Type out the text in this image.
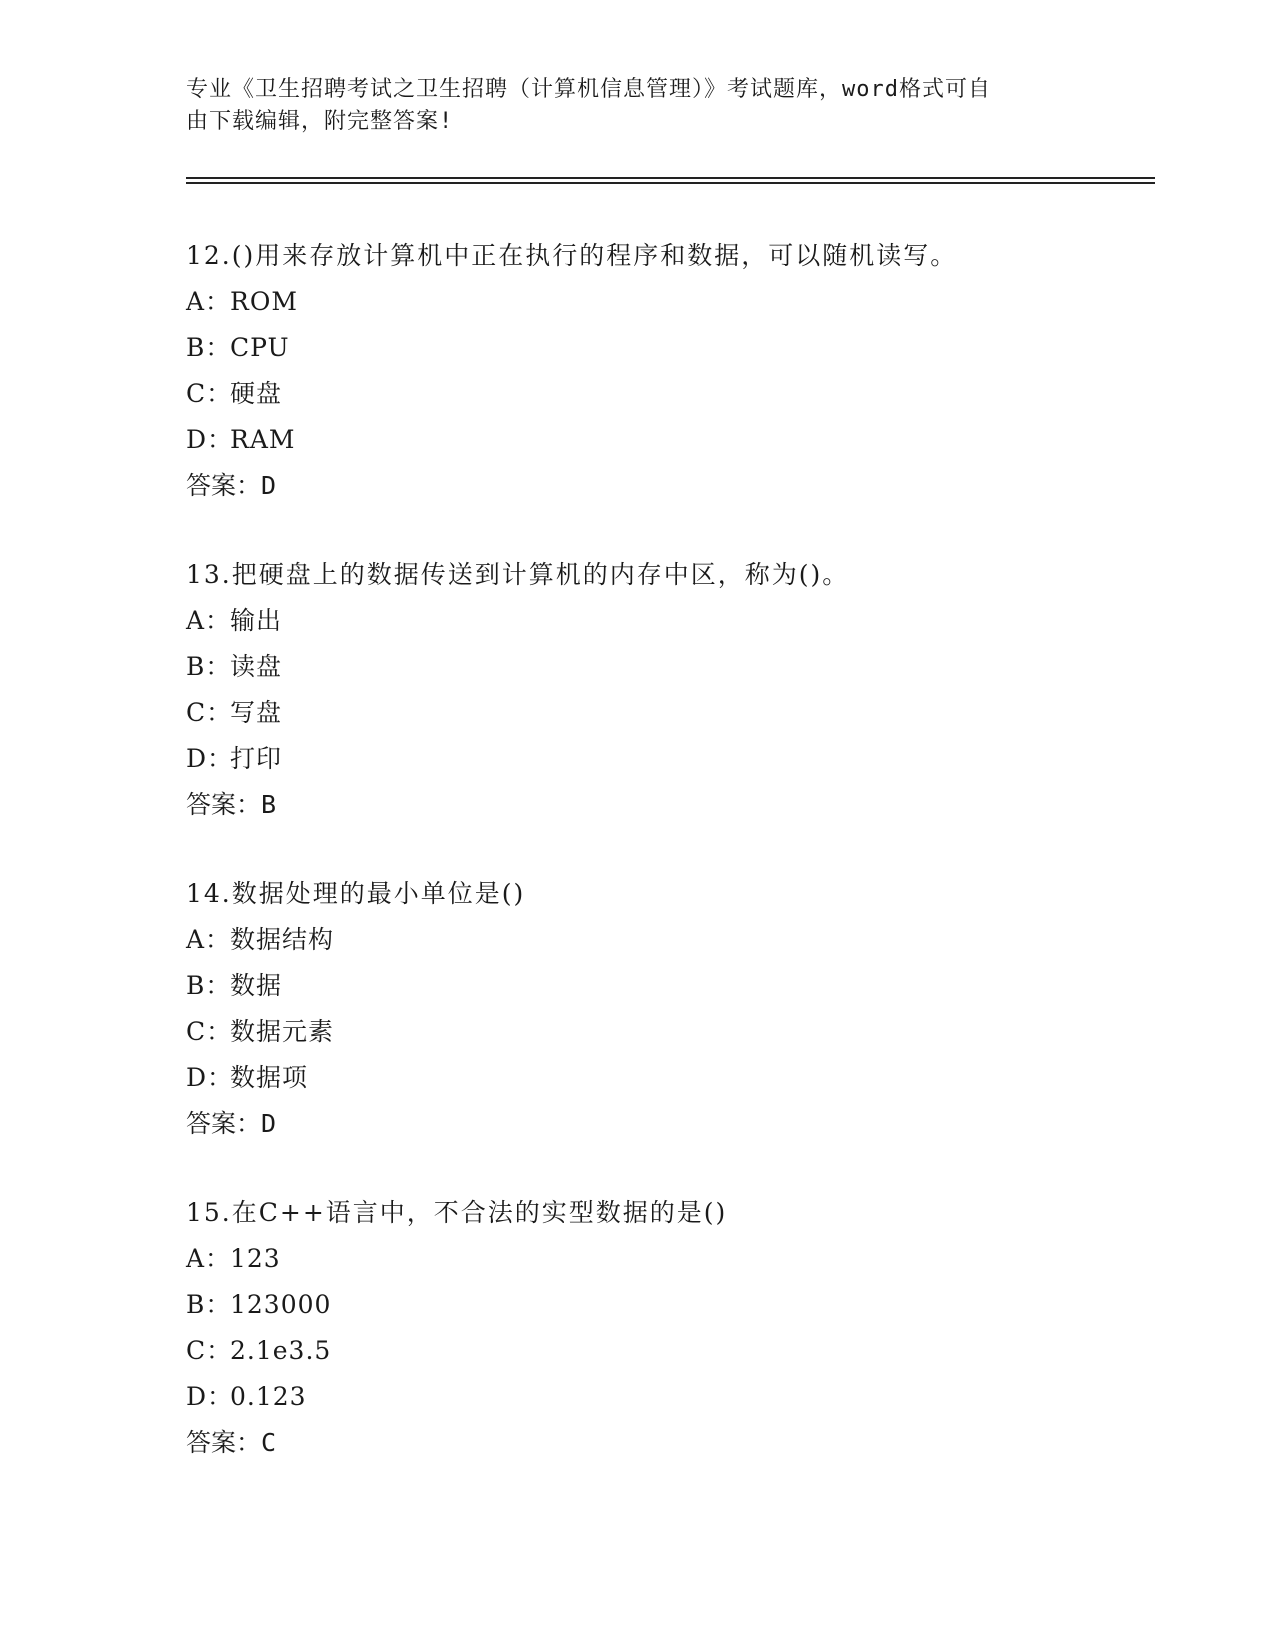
专业《卫生招聘考试之卫生招聘（计算机信息管理）》考试题库，word格式可自
由下载编辑，附完整答案!
12.()用来存放计算机中正在执行的程序和数据，可以随机读写。
A：ROM
B：CPU
C：硬盘
D：RAM
答案：D
13.把硬盘上的数据传送到计算机的内存中区，称为()。
A：输出
B：读盘
C：写盘
D：打印
答案：B
14.数据处理的最小单位是()
A：数据结构
B：数据
C：数据元素
D：数据项
答案：D
15.在C++语言中，不合法的实型数据的是()
A：123
B：123000
C：2.1e3.5
D：0.123
答案：C
